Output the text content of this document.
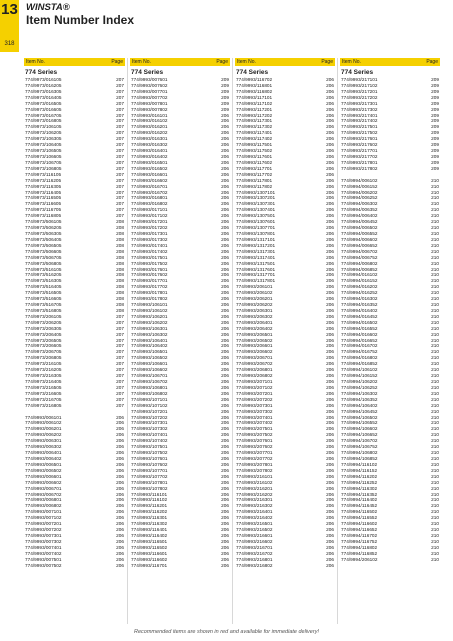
13
318
WINSTA®
Item Number Index
Item No.	Page
774 Series
774/9973/016105	207
774/9973/016205	207
774/9973/016305	207
774/9973/016405	207
774/9973/016505	207
774/9973/016605	207
774/9973/016705	207
774/9973/016805	207
774/9973/106105	207
774/9973/106205	207
774/9973/106305	207
774/9973/106405	207
774/9973/106505	207
774/9973/106605	207
774/9973/106705	207
774/9973/106805	207
774/9973/116105	207
774/9973/116205	207
774/9973/116305	207
774/9973/116405	207
774/9973/116505	207
774/9973/116605	207
774/9973/116705	207
774/9973/116805	207
774/9973/506105	208
774/9973/506205	208
774/9973/506305	208
774/9973/506405	208
774/9973/506505	208
774/9973/506605	208
774/9973/506705	208
774/9973/506805	208
774/9973/516105	208
774/9973/516205	208
774/9973/516305	208
774/9973/516405	208
774/9973/516505	208
774/9973/516605	208
774/9973/516705	208
774/9973/516805	208
774/9973/206105	207
774/9973/206205	207
774/9973/206305	207
774/9973/206405	207
774/9973/206505	207
774/9973/206605	207
774/9973/206705	207
774/9973/206805	207
774/9973/216105	207
774/9973/216205	207
774/9973/216305	207
774/9973/216405	207
774/9973/216505	207
774/9973/216605	207
774/9973/216705	207
774/9973/216805	207
774/9993/006101	206
774/9993/006102	206
774/9993/006201	206
774/9993/006202	206
774/9993/006301	206
774/9993/006302	206
774/9993/006401	206
774/9993/006402	206
774/9993/006501	206
774/9993/006502	206
774/9993/006601	206
774/9993/006602	206
774/9993/006701	206
774/9993/006702	206
774/9993/006801	206
774/9993/006802	206
774/9993/007101	206
774/9993/007102	206
774/9993/007201	206
774/9993/007202	206
774/9993/007301	206
774/9993/007302	206
774/9993/007401	206
774/9993/007402	206
774/9993/007501	206
774/9993/007502	206
Item No.	Page
774 Series
774/9993/007601	209
774/9993/007602	209
774/9993/007701	209
774/9993/007702	209
774/9993/007801	209
774/9993/007802	209
774/9993/016101	206
774/9993/016102	206
774/9993/016201	206
774/9993/016202	206
774/9993/016301	206
774/9993/016302	206
774/9993/016401	206
774/9993/016402	206
774/9993/016501	206
774/9993/016502	206
774/9993/016601	206
774/9993/016602	206
774/9993/016701	206
774/9993/016702	206
774/9993/016801	206
774/9993/016802	206
774/9993/017101	206
774/9993/017102	206
774/9993/017201	206
774/9993/017202	206
774/9993/017301	206
774/9993/017302	206
774/9993/017401	206
774/9993/017402	206
774/9993/017501	206
774/9993/017502	206
774/9993/017601	206
774/9993/017602	206
774/9993/017701	206
774/9993/017702	206
774/9993/017801	206
774/9993/017802	206
774/9993/106101	206
774/9993/106102	206
774/9993/106201	206
774/9993/106202	206
774/9993/106301	206
774/9993/106302	206
774/9993/106401	206
774/9993/106402	206
774/9993/106501	206
774/9993/106502	206
774/9993/106601	206
774/9993/106602	206
774/9993/106701	206
774/9993/106702	206
774/9993/106801	206
774/9993/106802	206
774/9993/107101	206
774/9993/107102	206
774/9993/107201	206
774/9993/107202	206
774/9993/107301	206
774/9993/107302	206
774/9993/107401	206
774/9993/107402	206
774/9993/107501	206
774/9993/107502	206
774/9993/107601	206
774/9993/107602	206
774/9993/107701	206
774/9993/107702	206
774/9993/107801	206
774/9993/107802	206
774/9993/116101	206
774/9993/116102	206
774/9993/116201	206
774/9993/116202	206
774/9993/116301	206
774/9993/116302	206
774/9993/116401	206
774/9993/116402	206
774/9993/116501	206
774/9993/116502	206
774/9993/116601	206
774/9993/116602	206
774/9993/116701	206
Item No.	Page
774 Series
774/9993/116702	206
774/9993/116801	206
774/9993/116802	206
774/9993/117101	206
774/9993/117102	206
774/9993/117201	206
774/9993/117202	206
774/9993/117301	206
774/9993/117302	206
774/9993/117401	206
774/9993/117402	206
774/9993/117501	206
774/9993/117502	206
774/9993/117601	206
774/9993/117602	206
774/9993/117701	206
774/9993/117702	206
774/9993/117801	206
774/9993/117802	206
774/9993/1307101	206
774/9993/1307201	206
774/9993/1307301	206
774/9993/1307401	206
774/9993/1307501	206
774/9993/1307601	206
774/9993/1307701	206
774/9993/1307801	206
774/9993/1317101	206
774/9993/1317201	206
774/9993/1317301	206
774/9993/1317401	206
774/9993/1317501	206
774/9993/1317601	206
774/9993/1317701	206
774/9993/1317801	206
774/9993/206101	206
774/9993/206102	206
774/9993/206201	206
774/9993/206202	206
774/9993/206301	206
774/9993/206302	206
774/9993/206401	206
774/9993/206402	206
774/9993/206501	206
774/9993/206502	206
774/9993/206601	206
774/9993/206602	206
774/9993/206701	206
774/9993/206702	206
774/9993/206801	206
774/9993/206802	206
774/9993/207101	206
774/9993/207102	206
774/9993/207201	206
774/9993/207202	206
774/9993/207301	206
774/9993/207302	206
774/9993/207401	206
774/9993/207402	206
774/9993/207501	206
774/9993/207502	206
774/9993/207601	206
774/9993/207602	206
774/9993/207701	206
774/9993/207702	206
774/9993/207801	206
774/9993/207802	206
774/9993/216101	206
774/9993/216102	206
774/9993/216201	206
774/9993/216202	206
774/9993/216301	206
774/9993/216302	206
774/9993/216401	206
774/9993/216402	206
774/9993/216501	206
774/9993/216502	206
774/9993/216601	206
774/9993/216602	206
774/9993/216701	206
774/9993/216702	206
774/9993/216801	206
774/9993/216802	206
Item No.	Page
774 Series
774/9993/217101	209
774/9993/217102	209
774/9993/217201	209
774/9993/217202	209
774/9993/217301	209
774/9993/217302	209
774/9993/217401	209
774/9993/217402	209
774/9993/217501	209
774/9993/217502	209
774/9993/217601	209
774/9993/217602	209
774/9993/217701	209
774/9993/217702	209
774/9993/217801	209
774/9993/217802	209
774/9994/006102	210
774/9994/006152	210
774/9994/006202	210
774/9994/006252	210
774/9994/006302	210
774/9994/006352	210
774/9994/006402	210
774/9994/006452	210
774/9994/006502	210
774/9994/006552	210
774/9994/006602	210
774/9994/006652	210
774/9994/006702	210
774/9994/006752	210
774/9994/006802	210
774/9994/006852	210
774/9994/016102	210
774/9994/016152	210
774/9994/016202	210
774/9994/016252	210
774/9994/016302	210
774/9994/016352	210
774/9994/016402	210
774/9994/016452	210
774/9994/016502	210
774/9994/016552	210
774/9994/016602	210
774/9994/016652	210
774/9994/016702	210
774/9994/016752	210
774/9994/016802	210
774/9994/016852	210
774/9994/106102	210
774/9994/106152	210
774/9994/106202	210
774/9994/106252	210
774/9994/106302	210
774/9994/106352	210
774/9994/106402	210
774/9994/106452	210
774/9994/106502	210
774/9994/106552	210
774/9994/106602	210
774/9994/106652	210
774/9994/106702	210
774/9994/106752	210
774/9994/106802	210
774/9994/106852	210
774/9994/116102	210
774/9994/116152	210
774/9994/116202	210
774/9994/116252	210
774/9994/116302	210
774/9994/116352	210
774/9994/116402	210
774/9994/116452	210
774/9994/116502	210
774/9994/116552	210
774/9994/116602	210
774/9994/116652	210
774/9994/116702	210
774/9994/116752	210
774/9994/116802	210
774/9994/116852	210
774/9994/206102	210
Recommended items are shown in red and available for immediate delivery!
